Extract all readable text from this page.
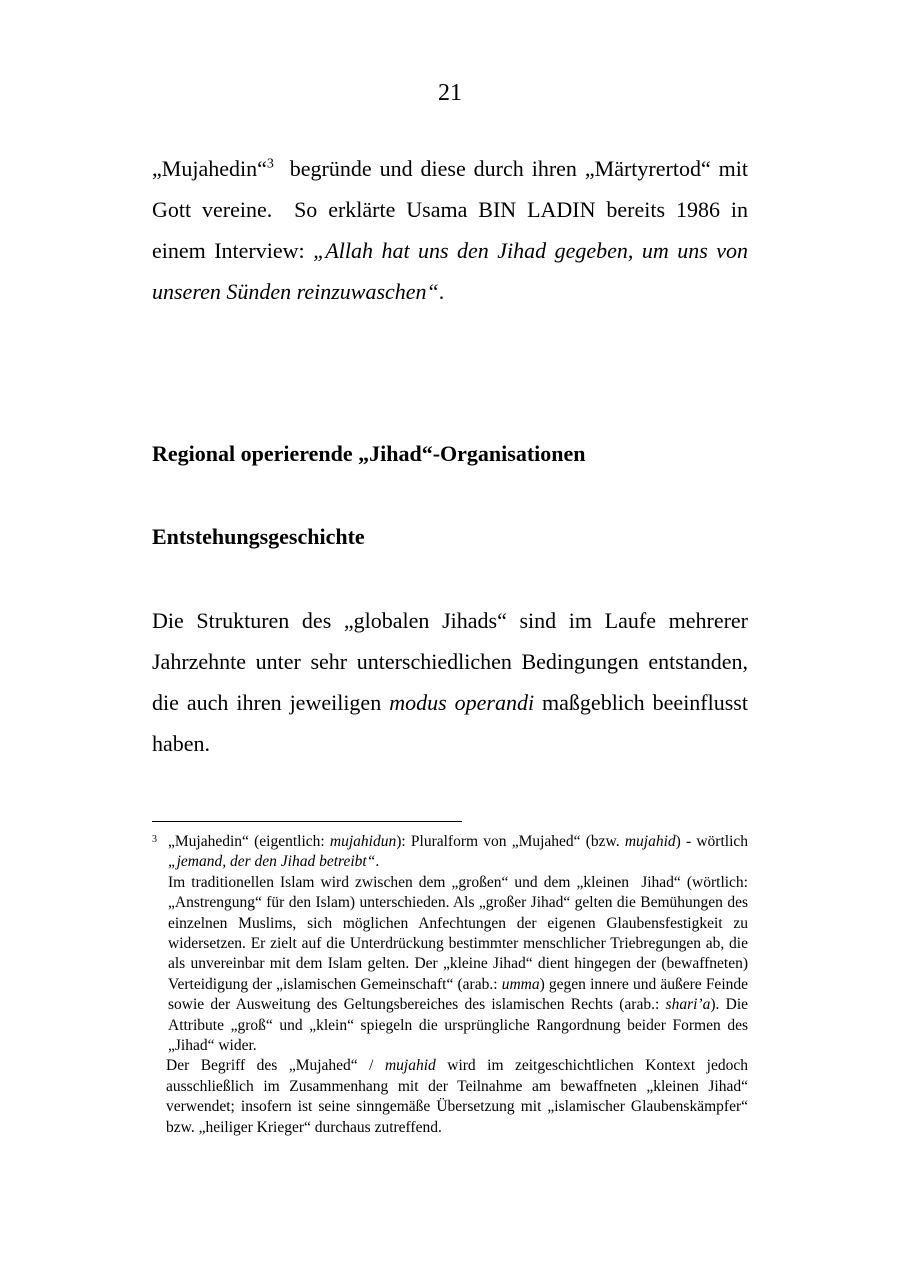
21
„Mujahedin“$^3$  begründe und diese durch ihren „Märtyrertod“ mit Gott vereine.  So erklärte Usama BIN LADIN bereits 1986 in einem Interview: „Allah hat uns den Jihad gegeben, um uns von unseren Sünden reinzuwaschen“.
Regional operierende „Jihad“-Organisationen
Entstehungsgeschichte
Die Strukturen des „globalen Jihads“ sind im Laufe mehrerer Jahrzehnte unter sehr unterschiedlichen Bedingungen entstanden, die auch ihren jeweiligen modus operandi maßgeblich beeinflusst haben.
3 „Mujahedin“ (eigentlich: mujahidun): Pluralform von „Mujahed“ (bzw. mujahid) - wörtlich „jemand, der den Jihad betreibt“.
Im traditionellen Islam wird zwischen dem „großen“ und dem „kleinen  Jihad“ (wörtlich: „Anstrengung“ für den Islam) unterschieden. Als „großer Jihad“ gelten die Bemühungen des einzelnen Muslims, sich möglichen Anfechtungen der eigenen Glaubensfestigkeit zu widersetzen. Er zielt auf die Unterdrückung bestimmter menschlicher Triebregungen ab, die als unvereinbar mit dem Islam gelten. Der „kleine Jihad“ dient hingegen der (bewaffneten) Verteidigung der „islamischen Gemeinschaft“ (arab.: umma) gegen innere und äußere Feinde sowie der Ausweitung des Geltungsbereiches des islamischen Rechts (arab.: shari’a). Die Attribute „groß“ und „klein“ spiegeln die ursprüngliche Rangordnung beider Formen des „Jihad“ wider.
Der Begriff des „Mujahed“ / mujahid wird im zeitgeschichtlichen Kontext jedoch ausschließlich im Zusammenhang mit der Teilnahme am bewaffneten „kleinen Jihad“ verwendet; insofern ist seine sinngemäße Übersetzung mit „islamischer Glaubenskämpfer“ bzw. „heiliger Krieger“ durchaus zutreffend.
